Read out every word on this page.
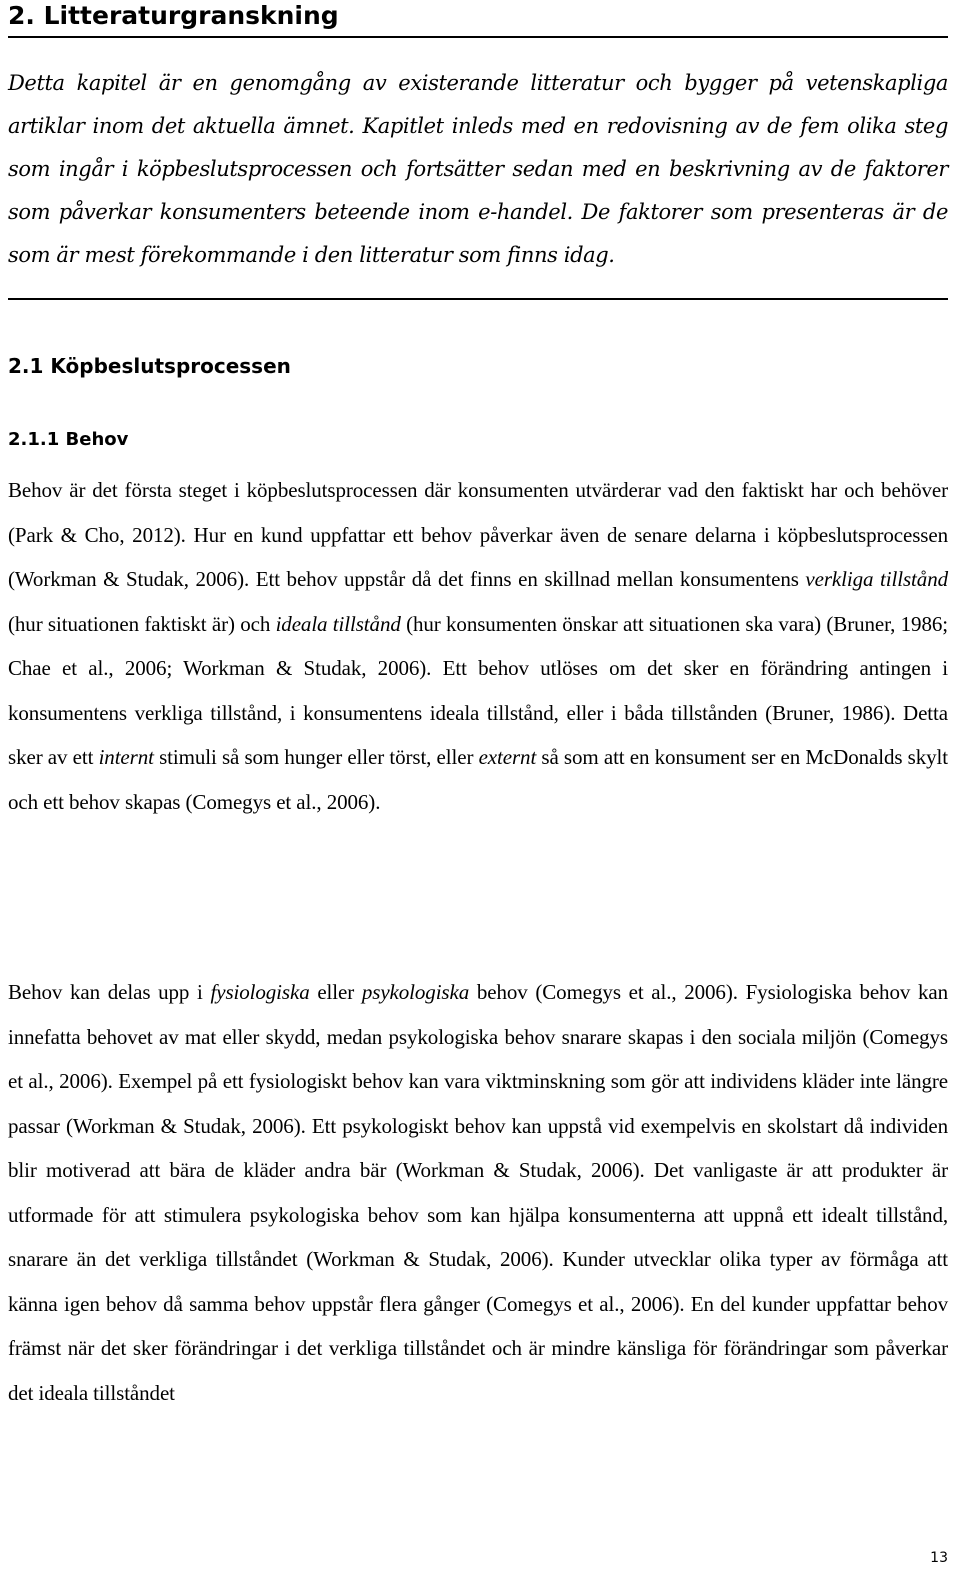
2. Litteraturgranskning

Detta kapitel är en genomgång av existerande litteratur och bygger på vetenskapliga artiklar inom det aktuella ämnet. Kapitlet inleds med en redovisning av de fem olika steg som ingår i köpbeslutsprocessen och fortsätter sedan med en beskrivning av de faktorer som påverkar konsumenters beteende inom e-handel. De faktorer som presenteras är de som är mest förekommande i den litteratur som finns idag.

2.1 Köpbeslutsprocessen
2.1.1 Behov

Behov är det första steget i köpbeslutsprocessen där konsumenten utvärderar vad den faktiskt har och behöver (Park & Cho, 2012). Hur en kund uppfattar ett behov påverkar även de senare delarna i köpbeslutsprocessen (Workman & Studak, 2006). Ett behov uppstår då det finns en skillnad mellan konsumentens verkliga tillstånd (hur situationen faktiskt är) och ideala tillstånd (hur konsumenten önskar att situationen ska vara) (Bruner, 1986; Chae et al., 2006; Workman & Studak, 2006). Ett behov utlöses om det sker en förändring antingen i konsumentens verkliga tillstånd, i konsumentens ideala tillstånd, eller i båda tillstånden (Bruner, 1986). Detta sker av ett internt stimuli så som hunger eller törst, eller externt så som att en konsument ser en McDonalds skylt och ett behov skapas (Comegys et al., 2006).

Behov kan delas upp i fysiologiska eller psykologiska behov (Comegys et al., 2006). Fysiologiska behov kan innefatta behovet av mat eller skydd, medan psykologiska behov snarare skapas i den sociala miljön (Comegys et al., 2006). Exempel på ett fysiologiskt behov kan vara viktminskning som gör att individens kläder inte längre passar (Workman & Studak, 2006). Ett psykologiskt behov kan uppstå vid exempelvis en skolstart då individen blir motiverad att bära de kläder andra bär (Workman & Studak, 2006). Det vanligaste är att produkter är utformade för att stimulera psykologiska behov som kan hjälpa konsumenterna att uppnå ett idealt tillstånd, snarare än det verkliga tillståndet (Workman & Studak, 2006). Kunder utvecklar olika typer av förmåga att känna igen behov då samma behov uppstår flera gånger (Comegys et al., 2006). En del kunder uppfattar behov främst när det sker förändringar i det verkliga tillståndet och är mindre känsliga för förändringar som påverkar det ideala tillståndet

13
